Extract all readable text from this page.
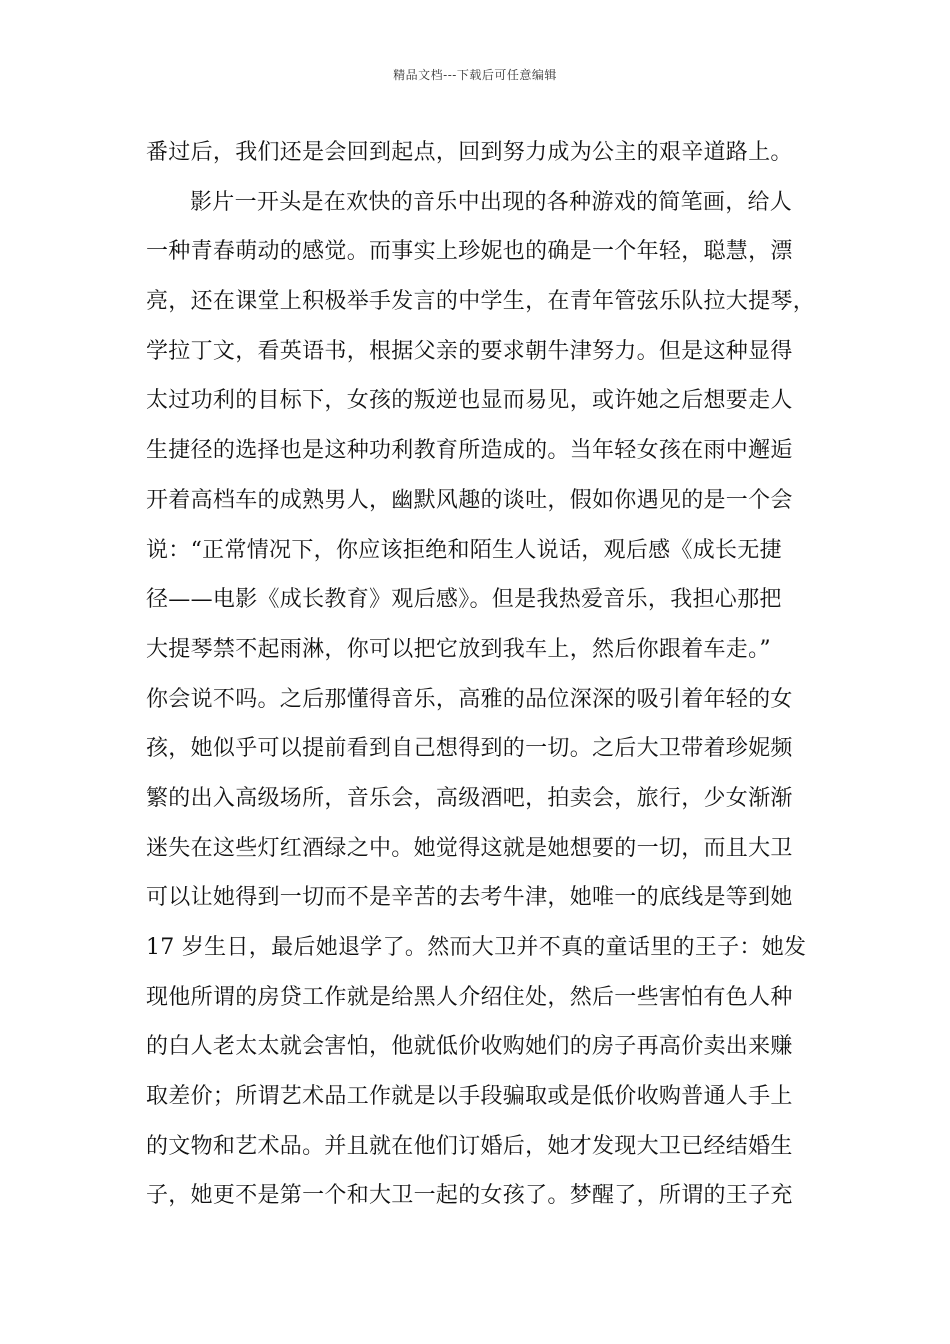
精品文档---下载后可任意编辑
番过后，我们还是会回到起点，回到努力成为公主的艰辛道路上。
影片一开头是在欢快的音乐中出现的各种游戏的简笔画，给人
一种青春萌动的感觉。而事实上珍妮也的确是一个年轻，聪慧，漂
亮，还在课堂上积极举手发言的中学生，在青年管弦乐队拉大提琴，
学拉丁文，看英语书，根据父亲的要求朝牛津努力。但是这种显得
太过功利的目标下，女孩的叛逆也显而易见，或许她之后想要走人
生捷径的选择也是这种功利教育所造成的。当年轻女孩在雨中邂逅
开着高档车的成熟男人，幽默风趣的谈吐，假如你遇见的是一个会
说：“正常情况下，你应该拒绝和陌生人说话，观后感《成长无捷
径——电影《成长教育》观后感》。但是我热爱音乐，我担心那把
大提琴禁不起雨淋，你可以把它放到我车上，然后你跟着车走。”
你会说不吗。之后那懂得音乐，高雅的品位深深的吸引着年轻的女
孩，她似乎可以提前看到自己想得到的一切。之后大卫带着珍妮频
繁的出入高级场所，音乐会，高级酒吧，拍卖会，旅行，少女渐渐
迷失在这些灯红酒绿之中。她觉得这就是她想要的一切，而且大卫
可以让她得到一切而不是辛苦的去考牛津，她唯一的底线是等到她
17 岁生日，最后她退学了。然而大卫并不真的童话里的王子：她发
现他所谓的房贷工作就是给黑人介绍住处，然后一些害怕有色人种
的白人老太太就会害怕，他就低价收购她们的房子再高价卖出来赚
取差价；所谓艺术品工作就是以手段骗取或是低价收购普通人手上
的文物和艺术品。并且就在他们订婚后，她才发现大卫已经结婚生
子，她更不是第一个和大卫一起的女孩了。梦醒了，所谓的王子充
